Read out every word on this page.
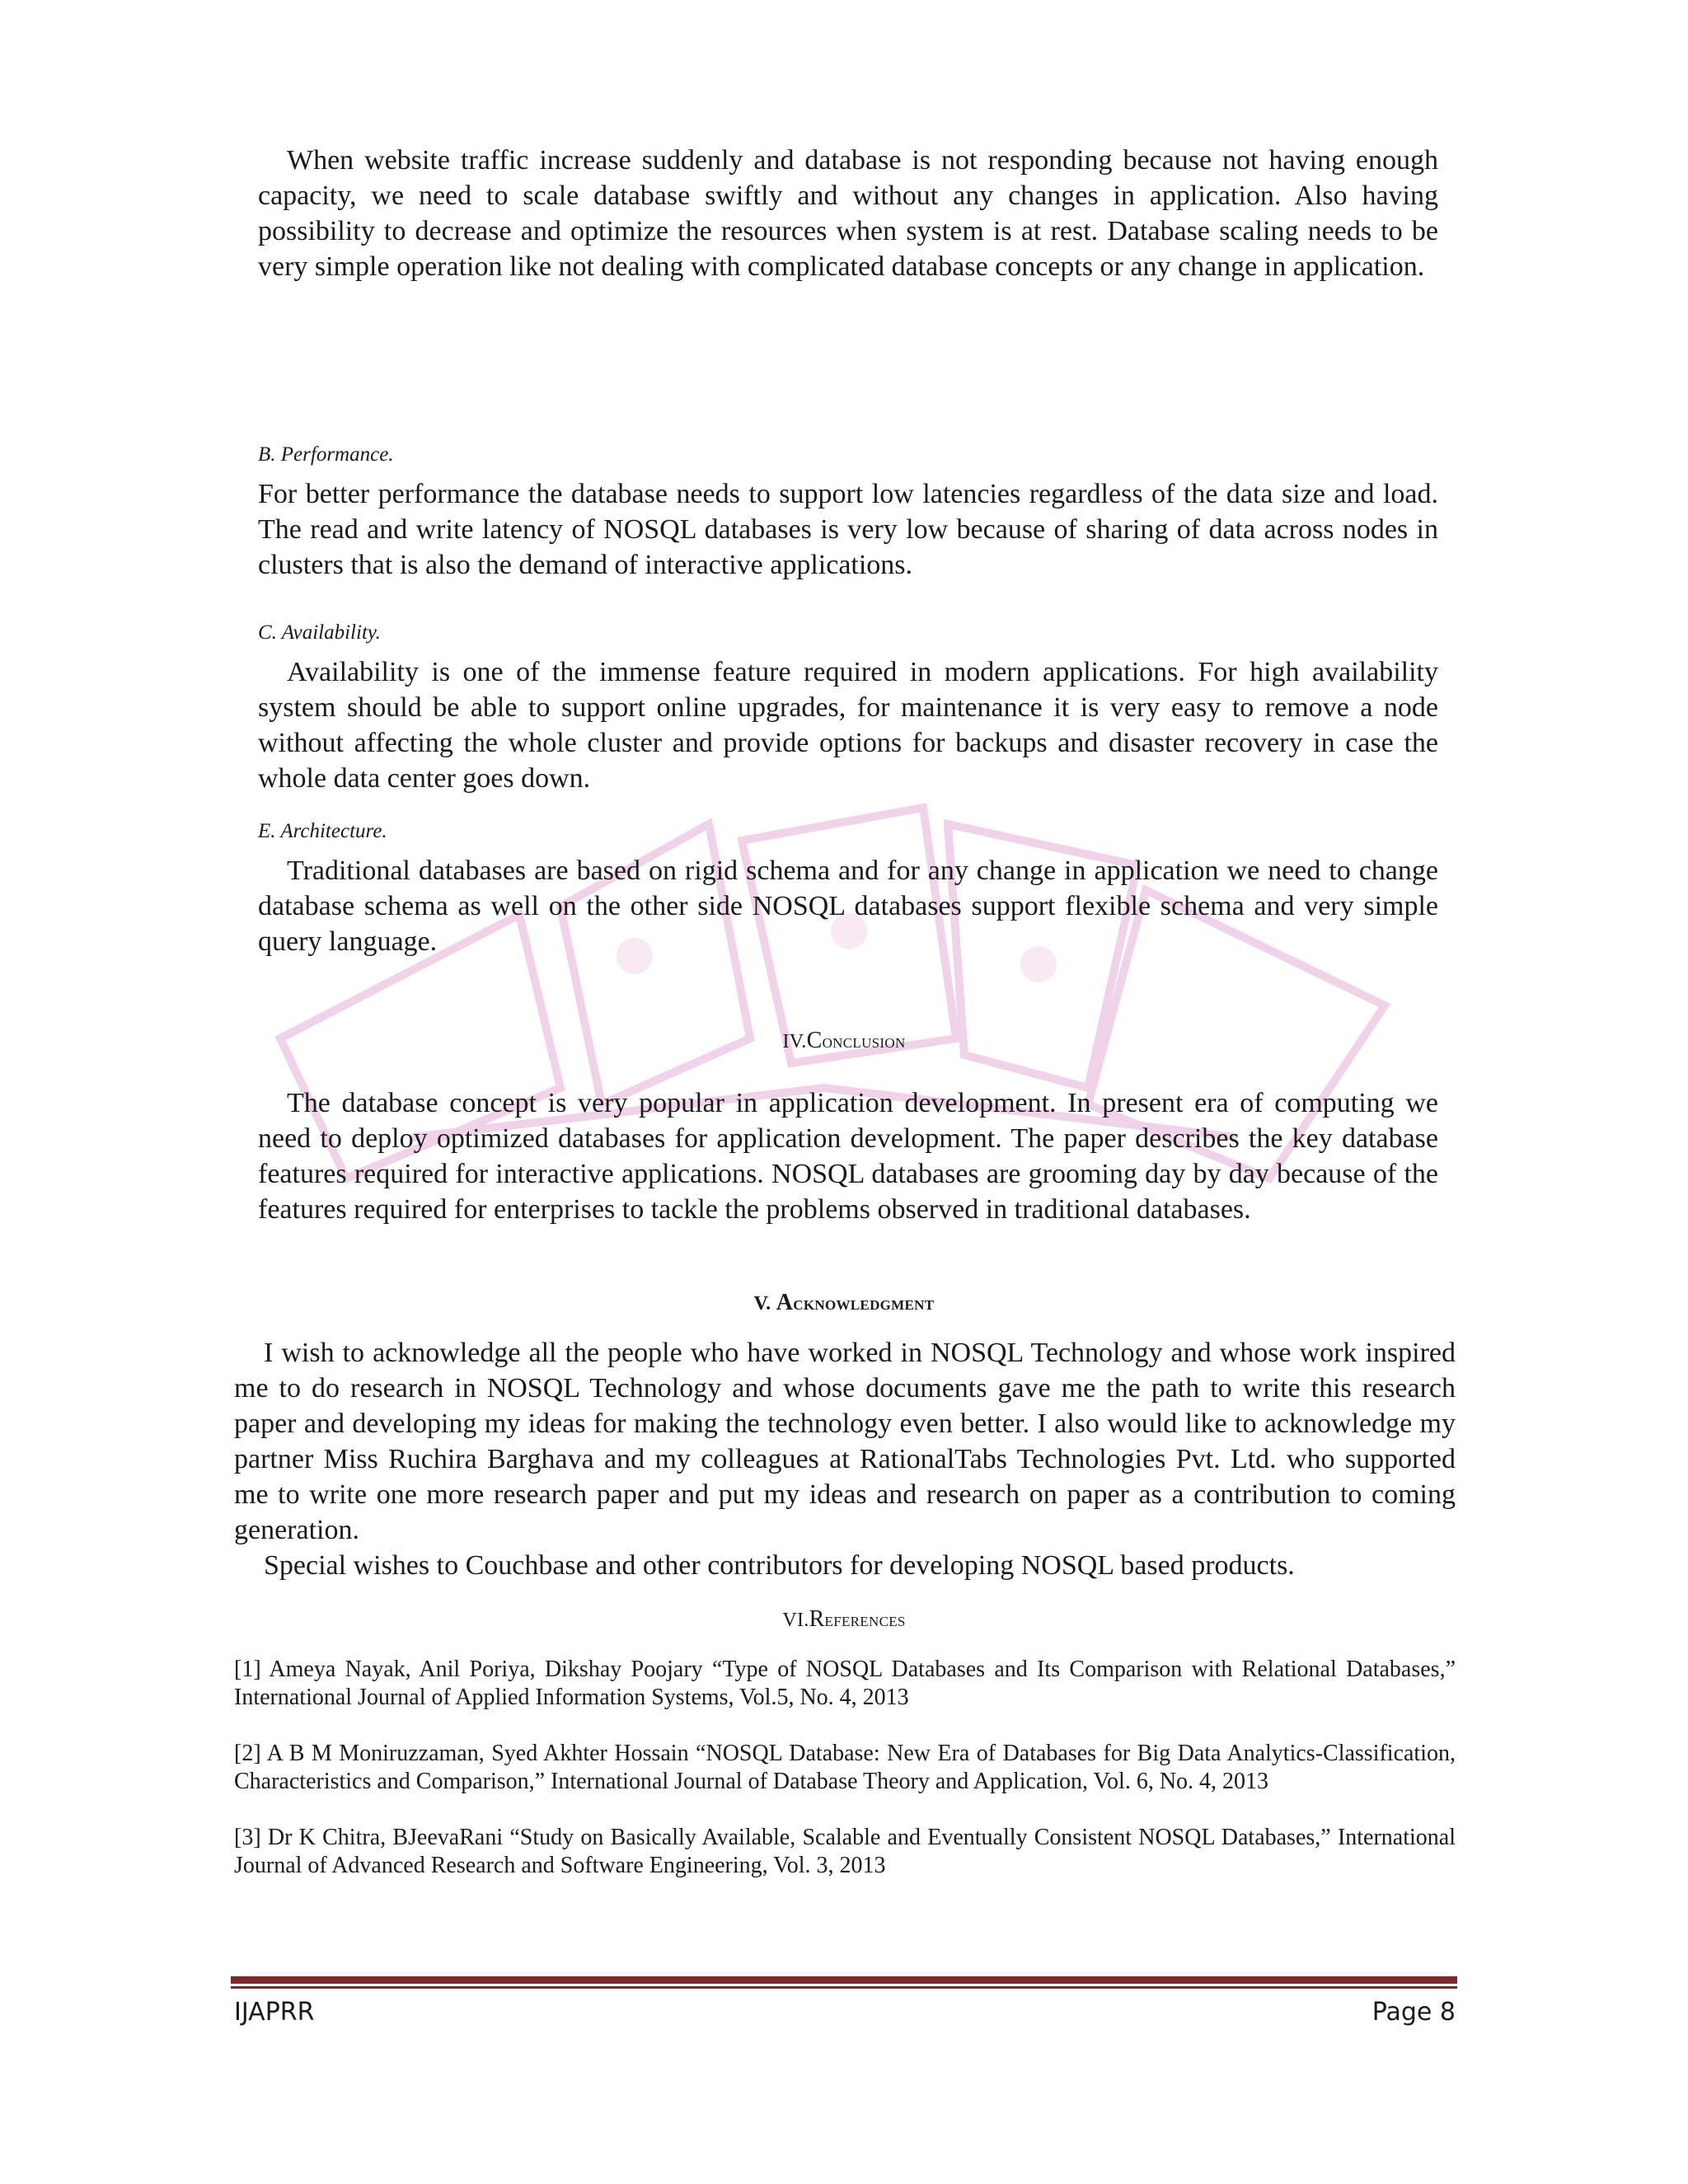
When website traffic increase suddenly and database is not responding because not having enough capacity, we need to scale database swiftly and without any changes in application. Also having possibility to decrease and optimize the resources when system is at rest. Database scaling needs to be very simple operation like not dealing with complicated database concepts or any change in application.

B. Performance.

For better performance the database needs to support low latencies regardless of the data size and load. The read and write latency of NOSQL databases is very low because of sharing of data across nodes in clusters that is also the demand of interactive applications.

C. Availability.

Availability is one of the immense feature required in modern applications. For high availability system should be able to support online upgrades, for maintenance it is very easy to remove a node without affecting the whole cluster and provide options for backups and disaster recovery in case the whole data center goes down.

E. Architecture.

Traditional databases are based on rigid schema and for any change in application we need to change database schema as well on the other side NOSQL databases support flexible schema and very simple query language.

IV.Conclusion

The database concept is very popular in application development. In present era of computing we need to deploy optimized databases for application development. The paper describes the key database features required for interactive applications. NOSQL databases are grooming day by day because of the features required for enterprises to tackle the problems observed in traditional databases.

V. Acknowledgment

I wish to acknowledge all the people who have worked in NOSQL Technology and whose work inspired me to do research in NOSQL Technology and whose documents gave me the path to write this research paper and developing my ideas for making the technology even better. I also would like to acknowledge my partner Miss Ruchira Barghava and my colleagues at RationalTabs Technologies Pvt. Ltd. who supported me to write one more research paper and put my ideas and research on paper as a contribution to coming generation.

Special wishes to Couchbase and other contributors for developing NOSQL based products.

VI.References

[1] Ameya Nayak, Anil Poriya, Dikshay Poojary “Type of NOSQL Databases and Its Comparison with Relational Databases,” International Journal of Applied Information Systems, Vol.5, No. 4, 2013

[2] A B M Moniruzzaman, Syed Akhter Hossain “NOSQL Database: New Era of Databases for Big Data Analytics-Classification, Characteristics and Comparison,” International Journal of Database Theory and Application, Vol. 6, No. 4, 2013

[3] Dr K Chitra, BJeevaRani “Study on Basically Available, Scalable and Eventually Consistent NOSQL Databases,” International Journal of Advanced Research and Software Engineering, Vol. 3, 2013

IJAPRR	Page 8
